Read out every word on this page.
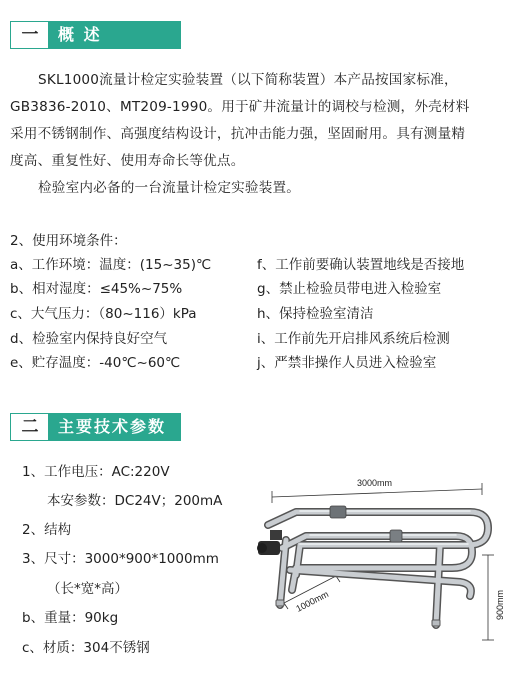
一	概 述
SKL1000流量计检定实验装置（以下简称装置）本产品按国家标准，
GB3836-2010、MT209-1990。用于矿井流量计的调校与检测，外壳材料
采用不锈钢制作、高强度结构设计，抗冲击能力强，坚固耐用。具有测量精
度高、重复性好、使用寿命长等优点。
检验室内必备的一台流量计检定实验装置。
2、使用环境条件：
a、工作环境：温度：(15~35)℃
b、相对湿度：≤45%~75%
c、大气压力：（80~116）kPa
d、检验室内保持良好空气
e、贮存温度：-40℃~60℃
f、工作前要确认装置地线是否接地
g、禁止检验员带电进入检验室
h、保持检验室清洁
i、工作前先开启排风系统后检测
j、严禁非操作人员进入检验室
二	主要技术参数
1、工作电压：AC:220V
本安参数：DC24V；200mA
2、结构
3、尺寸：3000*900*1000mm
（长*宽*高）
b、重量：90kg
c、材质：304不锈钢
3000mm
900mm
1000mm
